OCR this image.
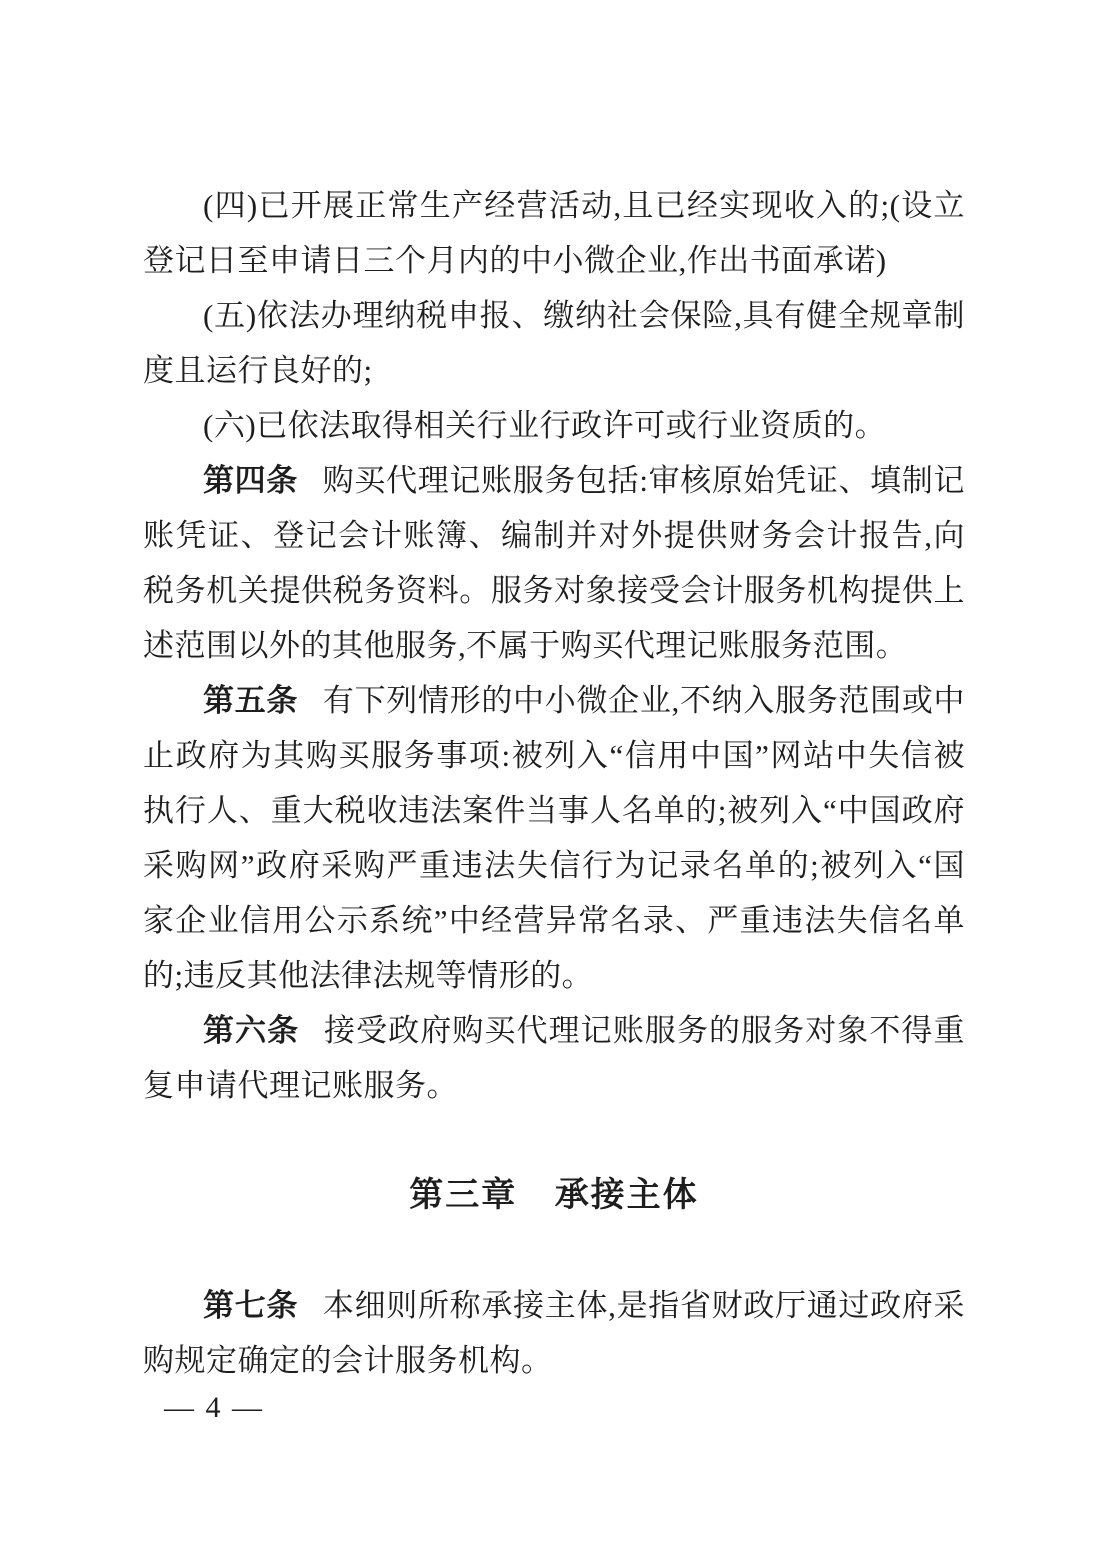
(四)已开展正常生产经营活动,且已经实现收入的;(设立登记日至申请日三个月内的中小微企业,作出书面承诺)

(五)依法办理纳税申报、缴纳社会保险,具有健全规章制度且运行良好的;

(六)已依法取得相关行业行政许可或行业资质的。

第四条 购买代理记账服务包括:审核原始凭证、填制记账凭证、登记会计账簿、编制并对外提供财务会计报告,向税务机关提供税务资料。服务对象接受会计服务机构提供上述范围以外的其他服务,不属于购买代理记账服务范围。

第五条 有下列情形的中小微企业,不纳入服务范围或中止政府为其购买服务事项:被列入“信用中国”网站中失信被执行人、重大税收违法案件当事人名单的;被列入“中国政府采购网”政府采购严重违法失信行为记录名单的;被列入“国家企业信用公示系统”中经营异常名录、严重违法失信名单的;违反其他法律法规等情形的。

第六条 接受政府购买代理记账服务的服务对象不得重复申请代理记账服务。

第三章 承接主体

第七条 本细则所称承接主体,是指省财政厅通过政府采购规定确定的会计服务机构。

— 4 —
